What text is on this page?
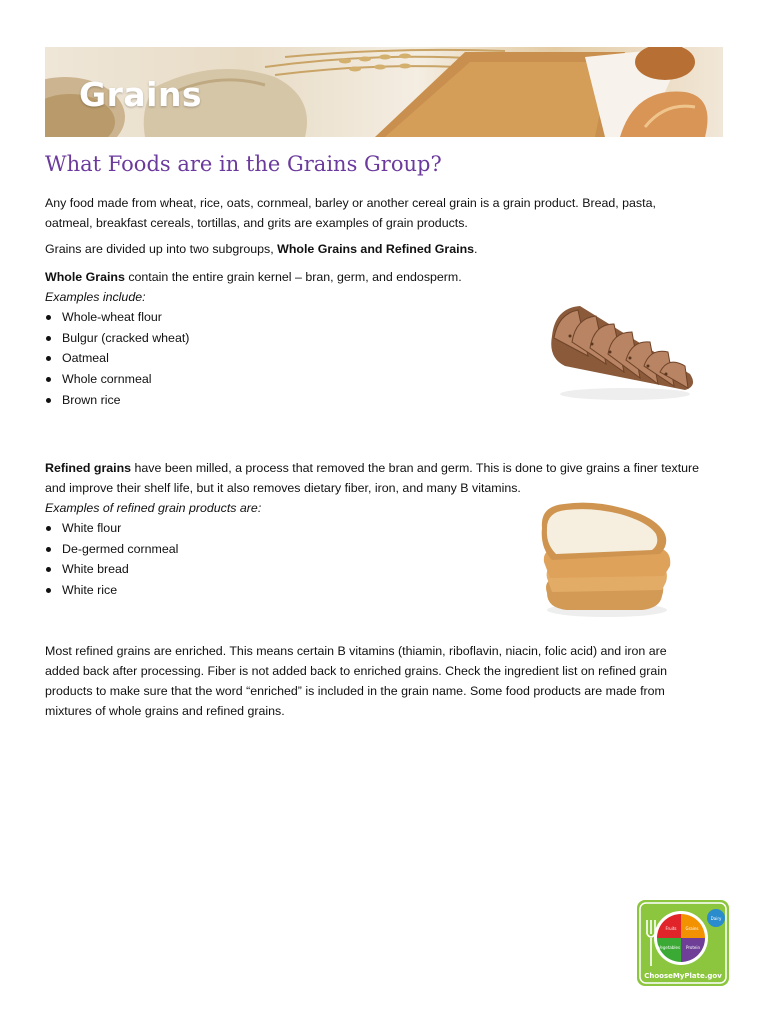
Grains
What Foods are in the Grains Group?
Any food made from wheat, rice, oats, cornmeal, barley or another cereal grain is a grain product. Bread, pasta,
oatmeal, breakfast cereals, tortillas, and grits are examples of grain products.
Grains are divided up into two subgroups, Whole Grains and Refined Grains.
Whole Grains contain the entire grain kernel – bran, germ, and endosperm.
Examples include:
Whole-wheat flour
Bulgur (cracked wheat)
Oatmeal
Whole cornmeal
Brown rice
Refined grains have been milled, a process that removed the bran and germ. This is done to give grains a finer texture
and improve their shelf life, but it also removes dietary fiber, iron, and many B vitamins.
Examples of refined grain products are:
White flour
De-germed cornmeal
White bread
White rice
Most refined grains are enriched. This means certain B vitamins (thiamin, riboflavin, niacin, folic acid) and iron are
added back after processing. Fiber is not added back to enriched grains. Check the ingredient list on refined grain
products to make sure that the word “enriched” is included in the grain name. Some food products are made from
mixtures of whole grains and refined grains.
Fruits Grains
Vegetables Protein
Dairy
ChooseMyPlate.gov
